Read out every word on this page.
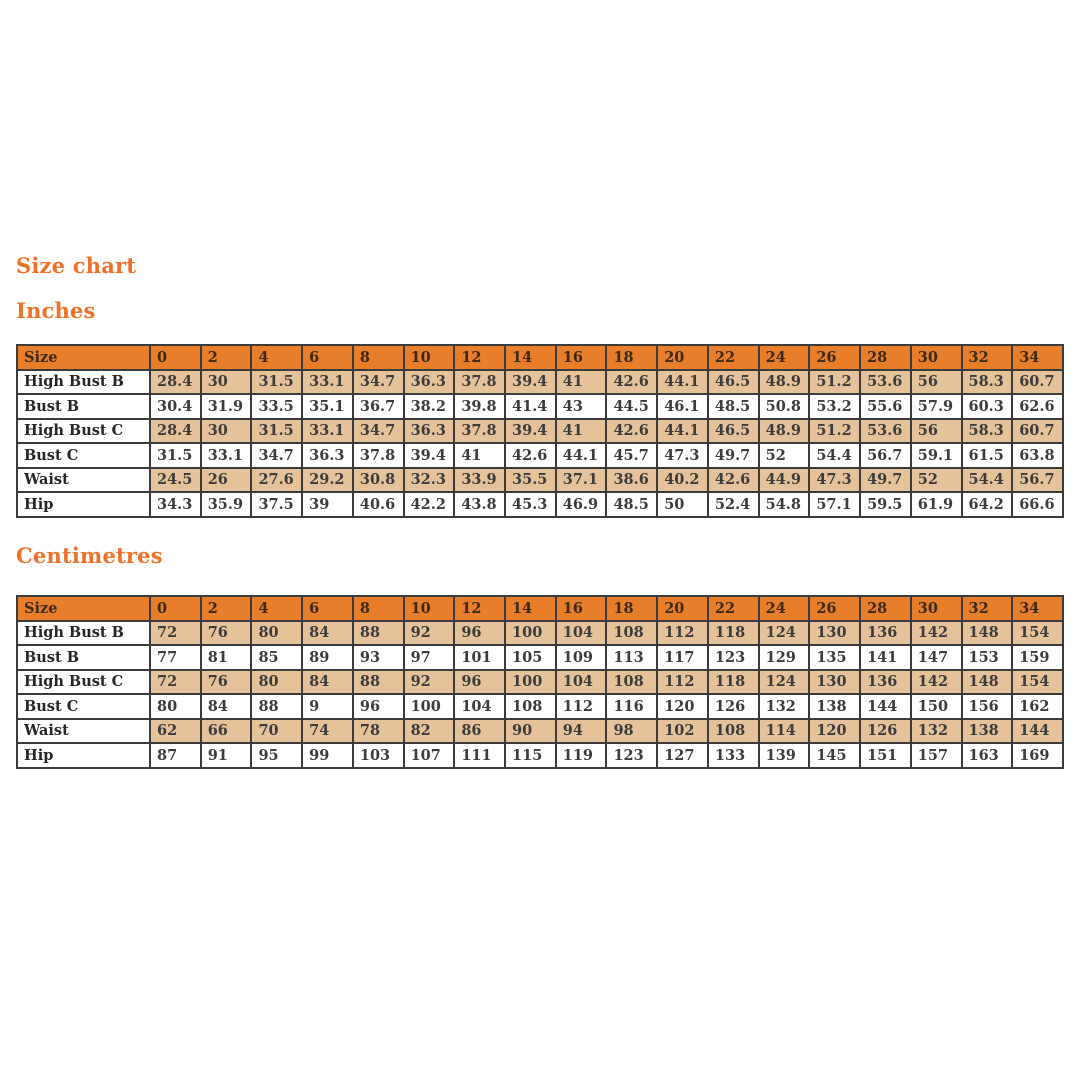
Size chart
Inches
Size	0	2	4	6	8	10	12	14	16	18	20	22	24	26	28	30	32	34
High Bust B	28.4	30	31.5	33.1	34.7	36.3	37.8	39.4	41	42.6	44.1	46.5	48.9	51.2	53.6	56	58.3	60.7
Bust B	30.4	31.9	33.5	35.1	36.7	38.2	39.8	41.4	43	44.5	46.1	48.5	50.8	53.2	55.6	57.9	60.3	62.6
High Bust C	28.4	30	31.5	33.1	34.7	36.3	37.8	39.4	41	42.6	44.1	46.5	48.9	51.2	53.6	56	58.3	60.7
Bust C	31.5	33.1	34.7	36.3	37.8	39.4	41	42.6	44.1	45.7	47.3	49.7	52	54.4	56.7	59.1	61.5	63.8
Waist	24.5	26	27.6	29.2	30.8	32.3	33.9	35.5	37.1	38.6	40.2	42.6	44.9	47.3	49.7	52	54.4	56.7
Hip	34.3	35.9	37.5	39	40.6	42.2	43.8	45.3	46.9	48.5	50	52.4	54.8	57.1	59.5	61.9	64.2	66.6
Centimetres
Size	0	2	4	6	8	10	12	14	16	18	20	22	24	26	28	30	32	34
High Bust B	72	76	80	84	88	92	96	100	104	108	112	118	124	130	136	142	148	154
Bust B	77	81	85	89	93	97	101	105	109	113	117	123	129	135	141	147	153	159
High Bust C	72	76	80	84	88	92	96	100	104	108	112	118	124	130	136	142	148	154
Bust C	80	84	88	9	96	100	104	108	112	116	120	126	132	138	144	150	156	162
Waist	62	66	70	74	78	82	86	90	94	98	102	108	114	120	126	132	138	144
Hip	87	91	95	99	103	107	111	115	119	123	127	133	139	145	151	157	163	169
